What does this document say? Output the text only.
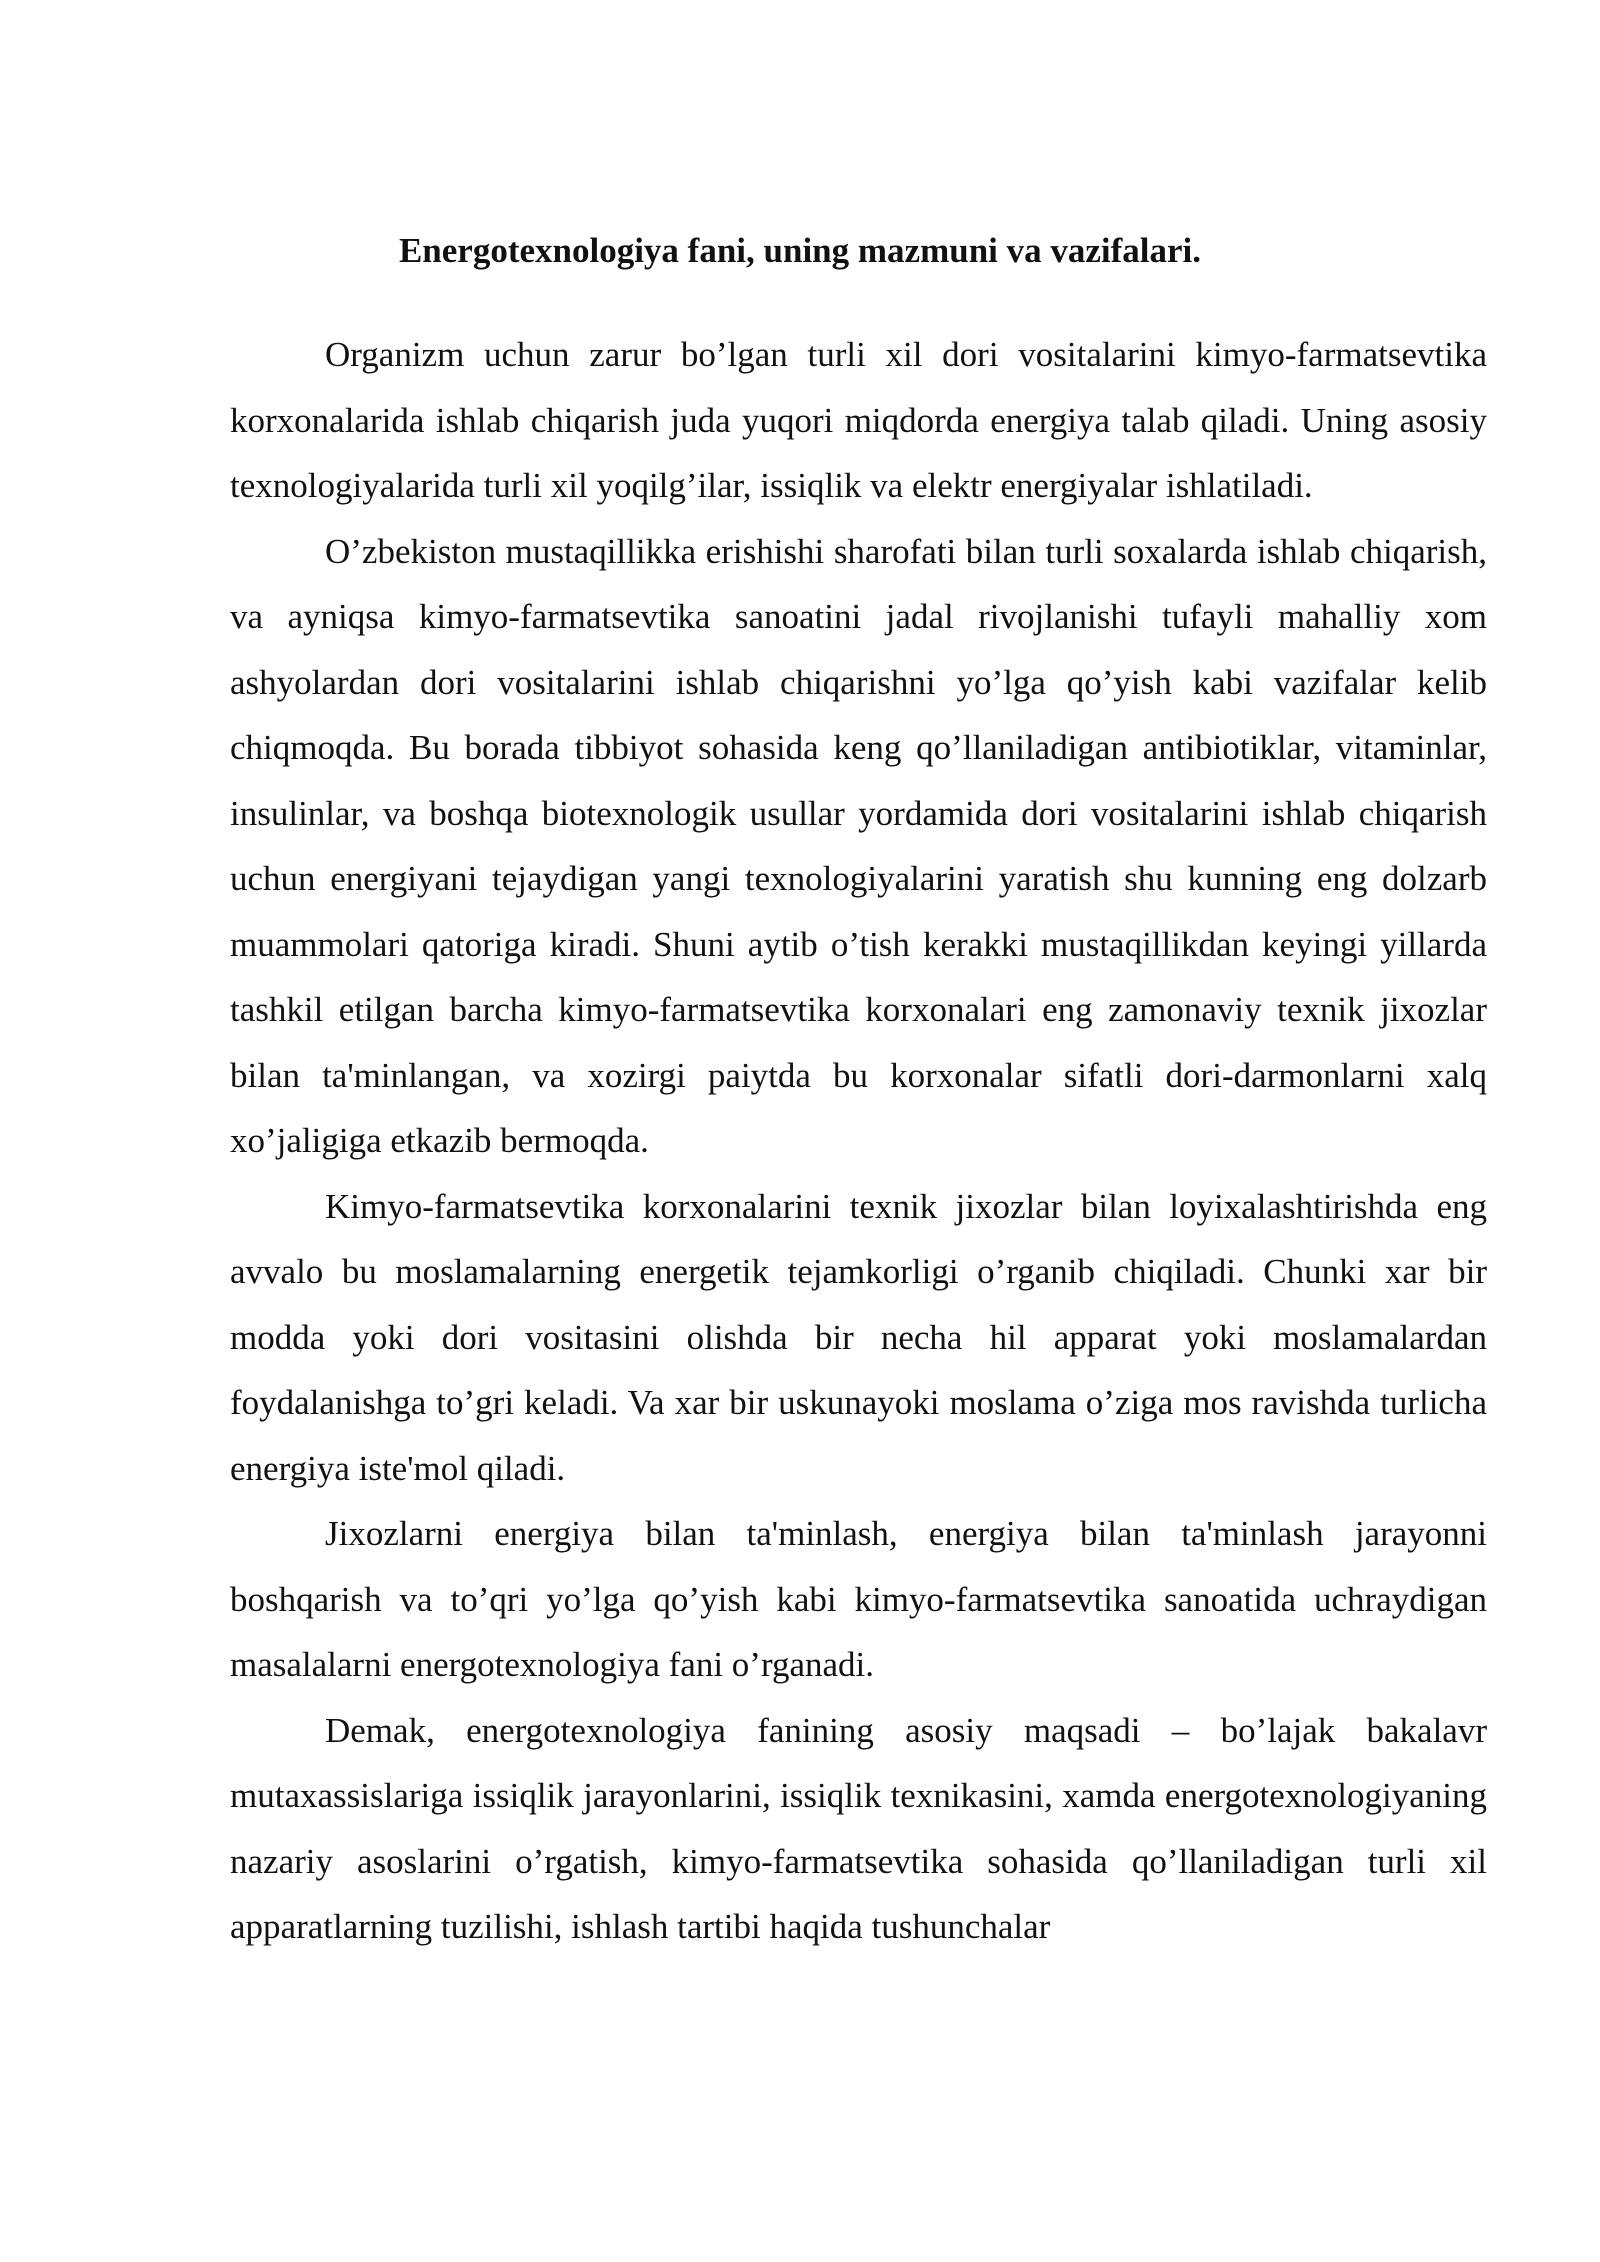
Energotexnologiya fani, uning mazmuni va vazifalari.

Organizm uchun zarur bo’lgan turli xil dori vositalarini kimyo-farmatsevtika korxonalarida ishlab chiqarish juda yuqori miqdorda energiya talab qiladi. Uning asosiy texnologiyalarida turli xil yoqilg’ilar, issiqlik va elektr energiyalar ishlatiladi.

O’zbekiston mustaqillikka erishishi sharofati bilan turli soxalarda ishlab chiqarish, va ayniqsa kimyo-farmatsevtika sanoatini jadal rivojlanishi tufayli mahalliy xom ashyolardan dori vositalarini ishlab chiqarishni yo’lga qo’yish kabi vazifalar kelib chiqmoqda. Bu borada tibbiyot sohasida keng qo’llaniladigan antibiotiklar, vitaminlar, insulinlar, va boshqa biotexnologik usullar yordamida dori vositalarini ishlab chiqarish uchun energiyani tejaydigan yangi texnologiyalarini yaratish shu kunning eng dolzarb muammolari qatoriga kiradi. Shuni aytib o’tish kerakki mustaqillikdan keyingi yillarda tashkil etilgan barcha kimyo-farmatsevtika korxonalari eng zamonaviy texnik jixozlar bilan ta'minlangan, va xozirgi paiytda bu korxonalar sifatli dori-darmonlarni xalq xo’jaligiga etkazib bermoqda.

Kimyo-farmatsevtika korxonalarini texnik jixozlar bilan loyixalashtirishda eng avvalo bu moslamalarning energetik tejamkorligi o’rganib chiqiladi. Chunki xar bir modda yoki dori vositasini olishda bir necha hil apparat yoki moslamalardan foydalanishga to’gri keladi. Va xar bir uskunayoki moslama o’ziga mos ravishda turlicha energiya iste'mol qiladi.

Jixozlarni energiya bilan ta'minlash, energiya bilan ta'minlash jarayonni boshqarish va to’qri yo’lga qo’yish kabi kimyo-farmatsevtika sanoatida uchraydigan masalalarni energotexnologiya fani o’rganadi.

Demak, energotexnologiya fanining asosiy maqsadi – bo’lajak bakalavr mutaxassislariga issiqlik jarayonlarini, issiqlik texnikasini, xamda energotexnologiyaning nazariy asoslarini o’rgatish, kimyo-farmatsevtika sohasida qo’llaniladigan turli xil apparatlarning tuzilishi, ishlash tartibi haqida tushunchalar
